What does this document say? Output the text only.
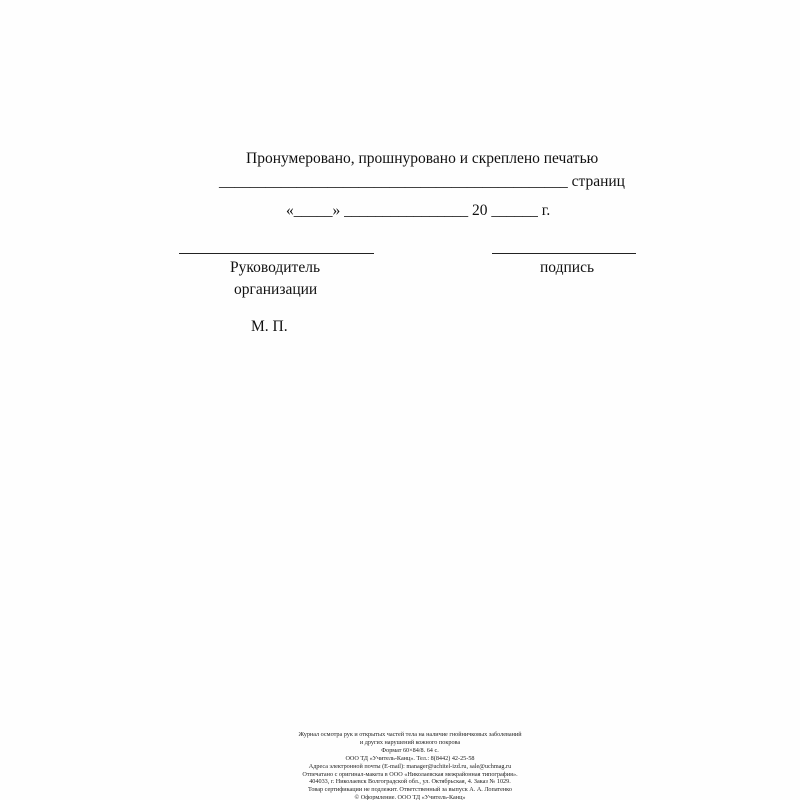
Пронумеровано, прошнуровано и скреплено печатью
_____________________________________________ страниц
«_____» ________________ 20 ______ г.
Руководитель
организации
подпись
М. П.
Журнал осмотра рук и открытых частей тела на наличие гнойничковых заболеваний
и других нарушений кожного покрова
Формат 60×84/8. 64 с.
ООО ТД «Учитель-Канц». Тел.: 8(8442) 42-25-58
Адреса электронной почты (E-mail): manager@uchitel-izd.ru, sale@uchmag.ru
Отпечатано с оригинал-макета в ООО «Николаевская межрайонная типография».
404033, г. Николаевск Волгоградской обл., ул. Октябрьская, 4. Заказ № 1029.
Товар сертификации не подлежит. Ответственный за выпуск А. А. Лопатенко
© Оформление. ООО ТД «Учитель-Канц»
